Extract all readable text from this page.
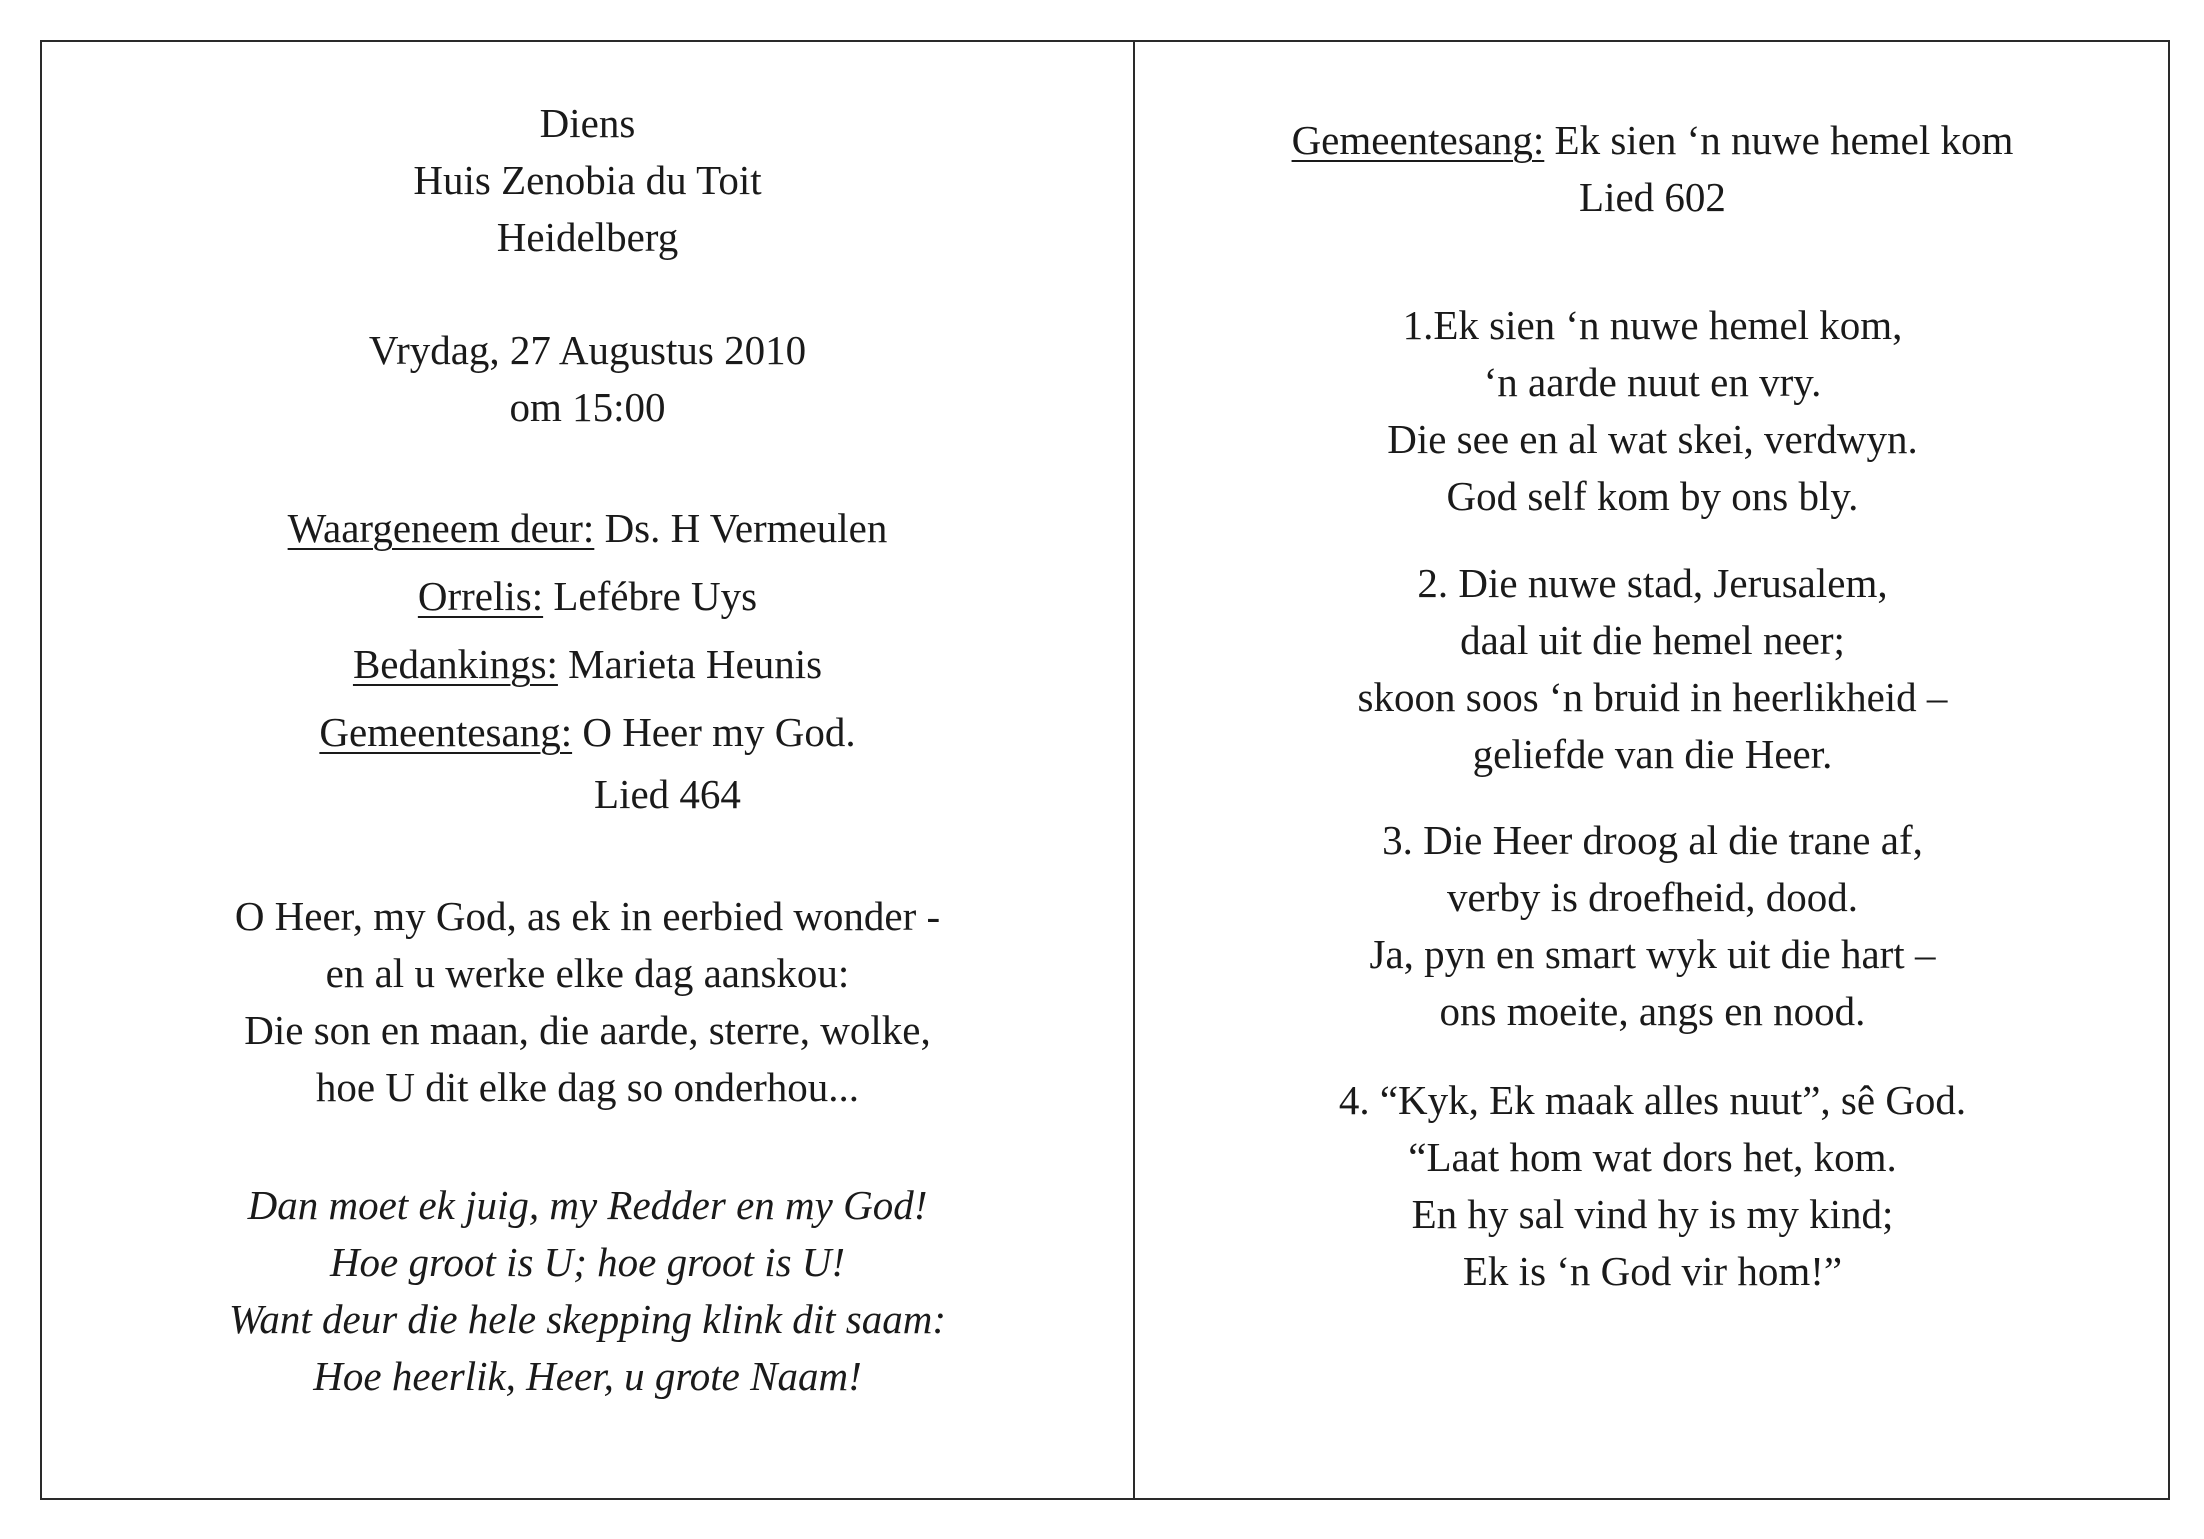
Diens
Huis Zenobia du Toit
Heidelberg
Vrydag, 27 Augustus 2010
om 15:00
Waargeneem deur: Ds. H Vermeulen
Orrelis: Lefébre Uys
Bedankings: Marieta Heunis
Gemeentesang: O Heer my God.
Lied 464
O Heer, my God, as ek in eerbied wonder -
en al u werke elke dag aanskou:
Die son en maan, die aarde, sterre, wolke,
hoe U dit elke dag so onderhou...
Dan moet ek juig, my Redder en my God!
Hoe groot is U; hoe groot is U!
Want deur die hele skepping klink dit saam:
Hoe heerlik, Heer, u grote Naam!
Gemeentesang: Ek sien ‘n nuwe hemel kom
Lied 602
1.Ek sien ‘n nuwe hemel kom,
‘n aarde nuut en vry.
Die see en al wat skei, verdwyn.
God self kom by ons bly.
2. Die nuwe stad, Jerusalem,
daal uit die hemel neer;
skoon soos ‘n bruid in heerlikheid –
geliefde van die Heer.
3. Die Heer droog al die trane af,
verby is droefheid, dood.
Ja, pyn en smart wyk uit die hart –
ons moeite, angs en nood.
4. “Kyk, Ek maak alles nuut”, sê God.
“Laat hom wat dors het, kom.
En hy sal vind hy is my kind;
Ek is ‘n God vir hom!”
